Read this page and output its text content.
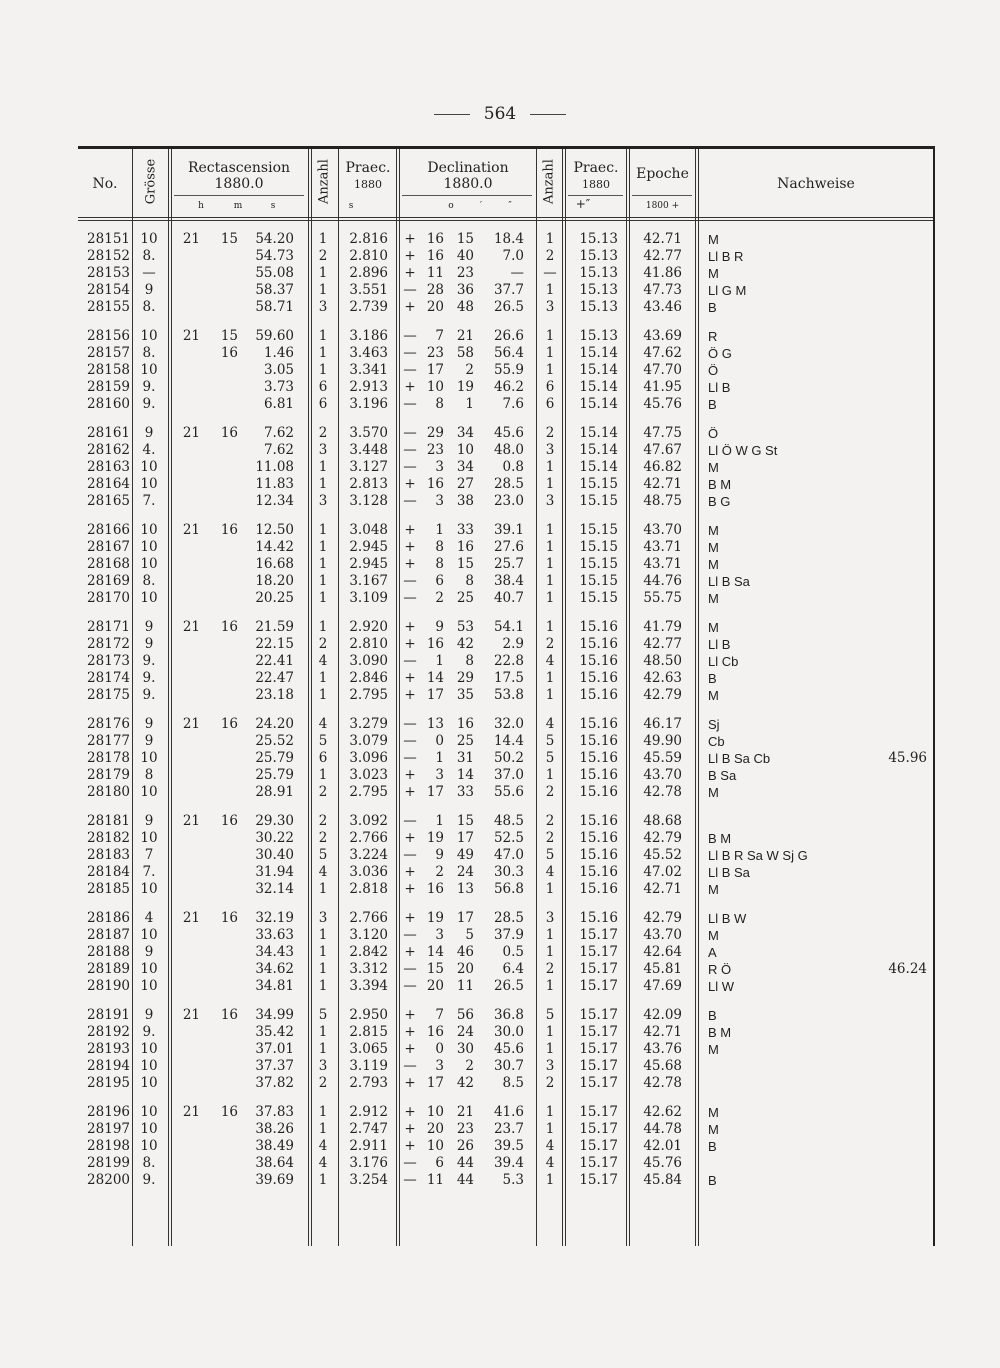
564
No.	Grösse	Rectascension
1880.0
h	m	s
Anzahl Praec.
1880
s
Declination
1880.0
o	′	″
Anzahl	Praec.
1880
+″
Epoche
1800 +
Nachweise
28151 10	21 15	54.20	1	2.816 + 16 15	18.4	1	15.13	42.71 M
28152 8.	54.73	2	2.810 + 16 40	7.0	2	15.13	42.77 Ll B R
28153 —	55.08	1	2.896 + 11 23	—	—	15.13	41.86 M
28154	9	58.37	1	3.551 — 28 36	37.7	1	15.13	47.73 Ll G M
28155 8.	58.71	3	2.739 + 20 48	26.5	3	15.13	43.46 B
28156 10	21 15	59.60	1	3.186 —	7 21	26.6	1	15.13	43.69 R
28157 8.	16	1.46	1	3.463 — 23 58	56.4	1	15.14	47.62 Ö G
28158 10	3.05	1	3.341 — 17	2	55.9	1	15.14	47.70 Ö
28159 9.	3.73	6	2.913 + 10 19	46.2	6	15.14	41.95 Ll B
28160 9.	6.81	6	3.196 —	8	1	7.6	6	15.14	45.76 B
28161	9	21 16	7.62	2	3.570 — 29 34	45.6	2	15.14	47.75 Ö
28162 4.	7.62	3	3.448 — 23 10	48.0	3	15.14	47.67 Ll Ö W G St
28163 10	11.08	1	3.127 —	3 34	0.8	1	15.14	46.82 M
28164 10	11.83	1	2.813 + 16 27	28.5	1	15.15	42.71 B M
28165 7.	12.34	3	3.128 —	3 38	23.0	3	15.15	48.75 B G
28166 10	21 16	12.50	1	3.048 +	1 33	39.1	1	15.15	43.70 M
28167 10	14.42	1	2.945 +	8 16	27.6	1	15.15	43.71 M
28168 10	16.68	1	2.945 +	8 15	25.7	1	15.15	43.71 M
28169 8.	18.20	1	3.167 —	6	8	38.4	1	15.15	44.76 Ll B Sa
28170 10	20.25	1	3.109 —	2 25	40.7	1	15.15	55.75 M
28171	9	21 16	21.59	1	2.920 +	9 53	54.1	1	15.16	41.79 M
28172	9	22.15	2	2.810 + 16 42	2.9	2	15.16	42.77 Ll B
28173 9.	22.41	4	3.090 —	1	8	22.8	4	15.16	48.50 Ll Cb
28174 9.	22.47	1	2.846 + 14 29	17.5	1	15.16	42.63 B
28175 9.	23.18	1	2.795 + 17 35	53.8	1	15.16	42.79 M
28176	9	21 16	24.20	4	3.279 — 13 16	32.0	4	15.16	46.17 Sj
28177	9	25.52	5	3.079 —	0 25	14.4	5	15.16	49.90 Cb
28178 10	25.79	6	3.096 —	1 31	50.2	5	15.16	45.59 Ll B Sa Cb	45.96
28179	8	25.79	1	3.023 +	3 14	37.0	1	15.16	43.70 B Sa
28180 10	28.91	2	2.795 + 17 33	55.6	2	15.16	42.78 M
28181	9	21 16	29.30	2	3.092 —	1 15	48.5	2	15.16	48.68
28182 10	30.22	2	2.766 + 19 17	52.5	2	15.16	42.79 B M
28183	7	30.40	5	3.224 —	9 49	47.0	5	15.16	45.52 Ll B R Sa W Sj G
28184 7.	31.94	4	3.036 +	2 24	30.3	4	15.16	47.02 Ll B Sa
28185 10	32.14	1	2.818 + 16 13	56.8	1	15.16	42.71 M
28186	4	21 16	32.19	3	2.766 + 19 17	28.5	3	15.16	42.79 Ll B W
28187 10	33.63	1	3.120 —	3	5	37.9	1	15.17	43.70 M
28188	9	34.43	1	2.842 + 14 46	0.5	1	15.17	42.64 A
28189 10	34.62	1	3.312 — 15 20	6.4	2	15.17	45.81 R Ö	46.24
28190 10	34.81	1	3.394 — 20 11	26.5	1	15.17	47.69 Ll W
28191	9	21 16	34.99	5	2.950 +	7 56	36.8	5	15.17	42.09 B
28192 9.	35.42	1	2.815 + 16 24	30.0	1	15.17	42.71 B M
28193 10	37.01	1	3.065 +	0 30	45.6	1	15.17	43.76 M
28194 10	37.37	3	3.119 —	3	2	30.7	3	15.17	45.68
28195 10	37.82	2	2.793 + 17 42	8.5	2	15.17	42.78
28196 10	21 16	37.83	1	2.912 + 10 21	41.6	1	15.17	42.62 M
28197 10	38.26	1	2.747 + 20 23	23.7	1	15.17	44.78 M
28198 10	38.49	4	2.911 + 10 26	39.5	4	15.17	42.01 B
28199 8.	38.64	4	3.176 —	6 44	39.4	4	15.17	45.76
28200 9.	39.69	1	3.254 — 11 44	5.3	1	15.17	45.84 B
